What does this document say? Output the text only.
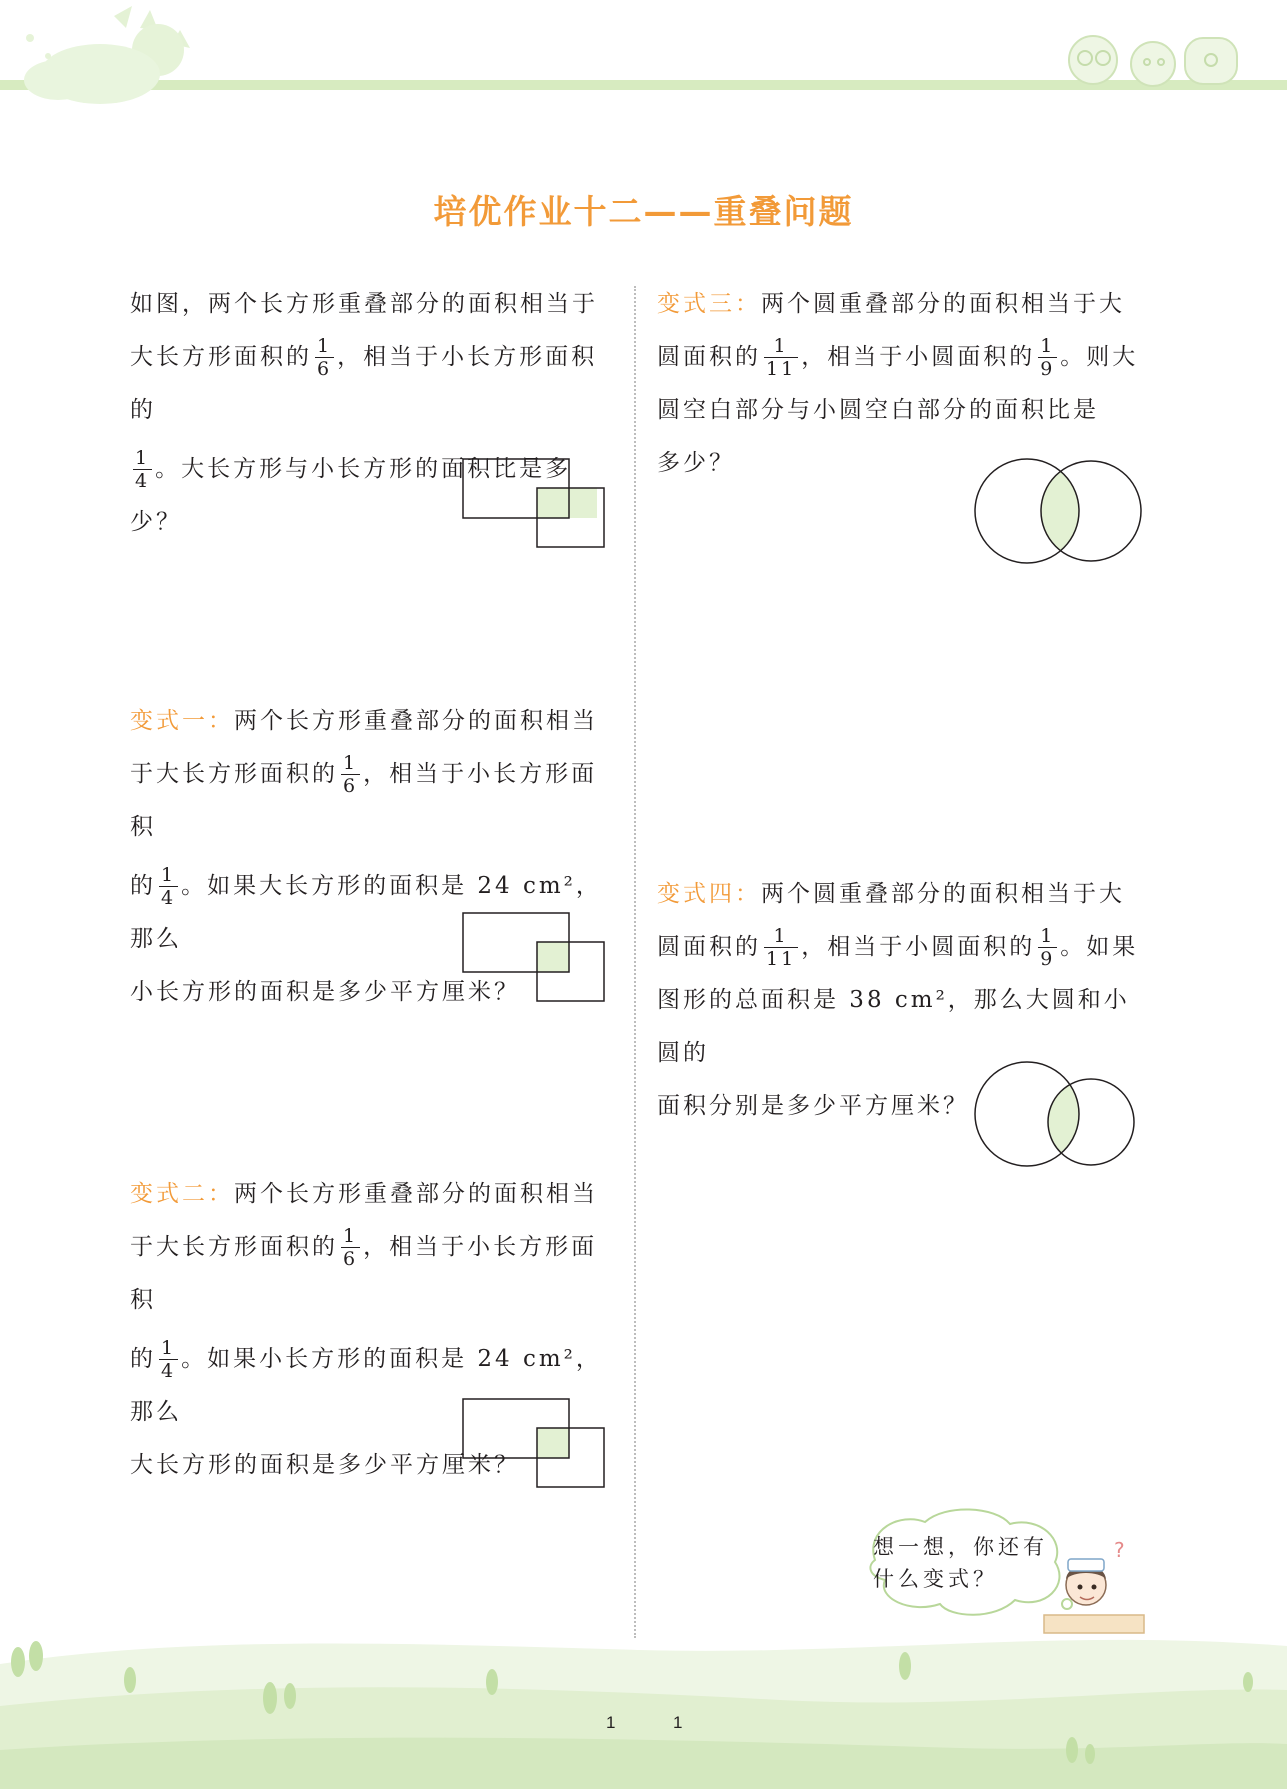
培优作业十二——重叠问题
如图，两个长方形重叠部分的面积相当于
大长方形面积的 $\frac{1}{6}$ ，相当于小长方形面积的
$\frac{1}{4}$ 。大长方形与小长方形的面积比是多少？
变式一：两个长方形重叠部分的面积相当
于大长方形面积的 $\frac{1}{6}$ ，相当于小长方形面积
的 $\frac{1}{4}$ 。如果大长方形的面积是 24 cm²，那么
小长方形的面积是多少平方厘米？
变式二：两个长方形重叠部分的面积相当
于大长方形面积的 $\frac{1}{6}$ ，相当于小长方形面积
的 $\frac{1}{4}$ 。如果小长方形的面积是 24 cm²，那么
大长方形的面积是多少平方厘米？
变式三：两个圆重叠部分的面积相当于大
圆面积的 $\frac{1}{11}$ ，相当于小圆面积的 $\frac{1}{9}$ 。则大
圆空白部分与小圆空白部分的面积比是
多少？
变式四：两个圆重叠部分的面积相当于大
圆面积的 $\frac{1}{11}$ ，相当于小圆面积的 $\frac{1}{9}$ 。如果
图形的总面积是 38 cm²，那么大圆和小圆的
面积分别是多少平方厘米？
想一想，你还有
什么变式？
?
1	1
